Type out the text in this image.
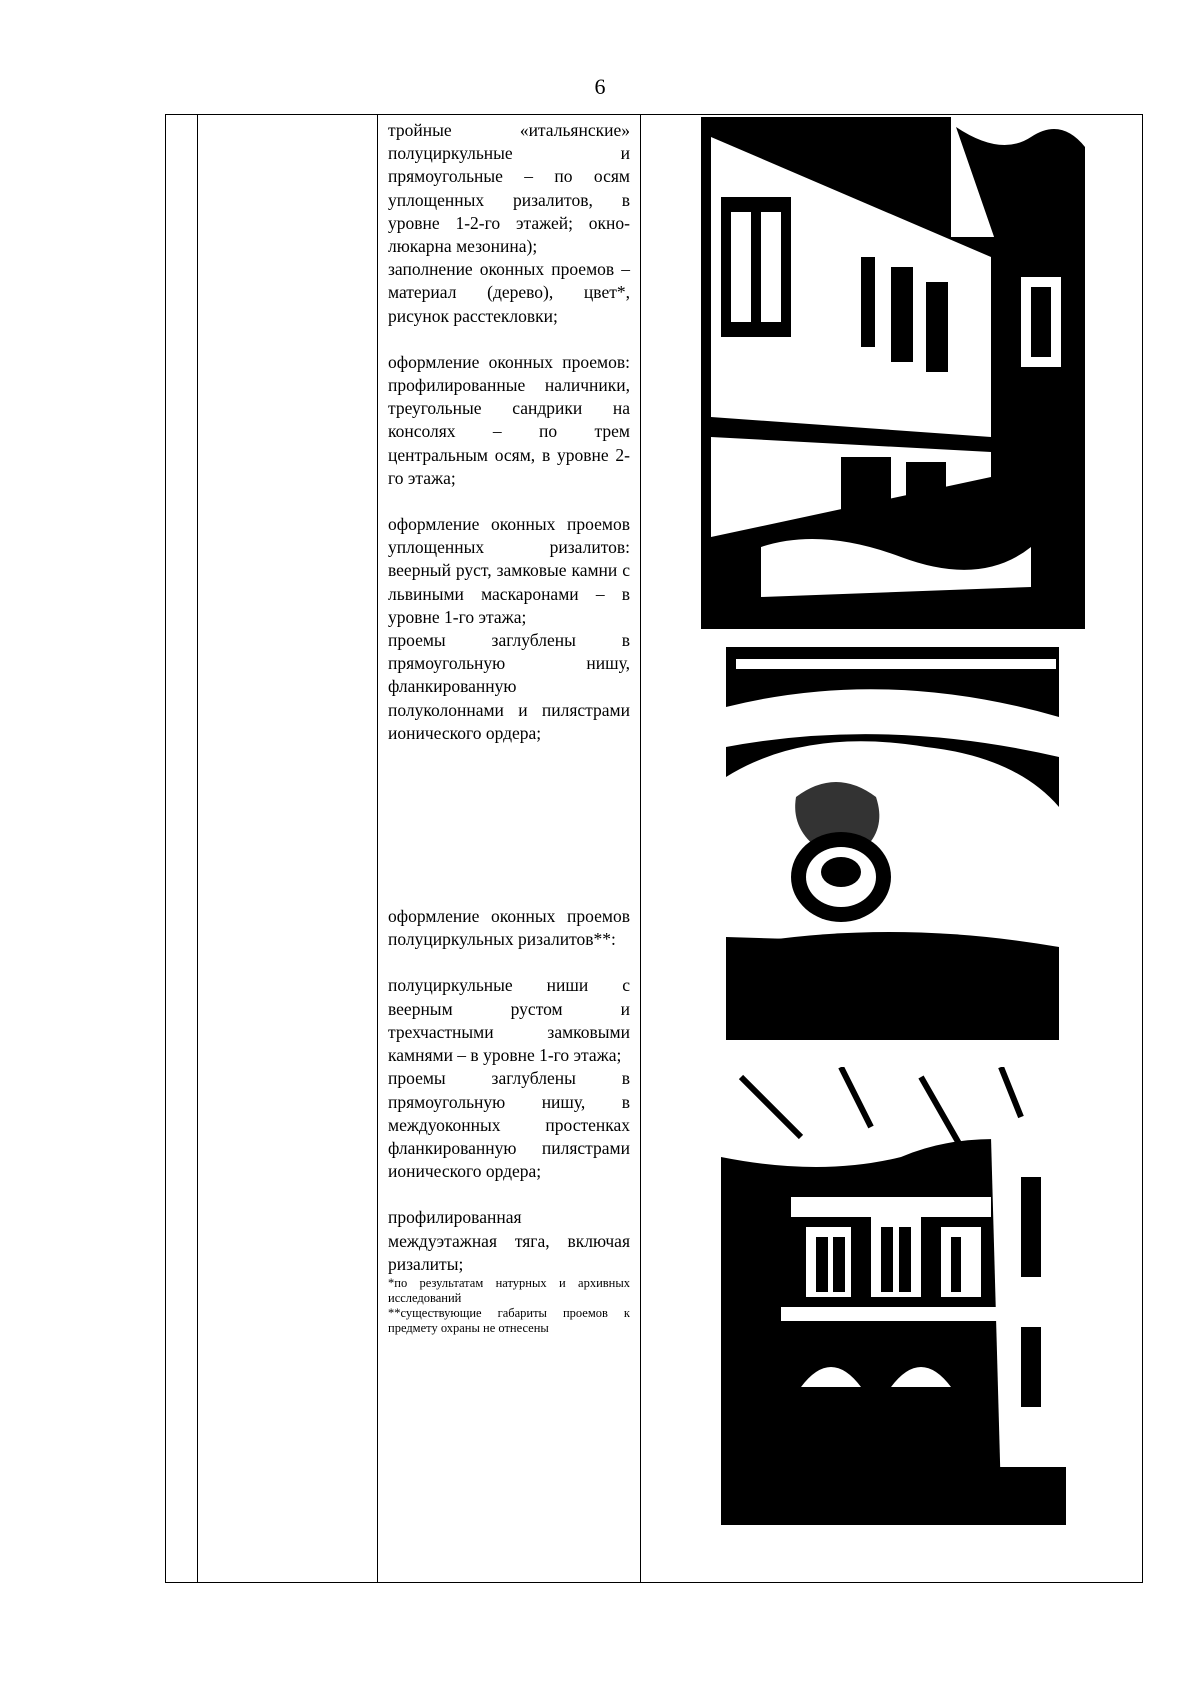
6

тройные «итальянские» полуциркульные и прямоугольные – по осям уплощенных ризалитов, в уровне 1-2-го этажей; окно-люкарна мезонина);

заполнение оконных проемов – материал (дерево), цвет*, рисунок расстекловки;

оформление оконных проемов: профилированные наличники, треугольные сандрики на консолях – по трем центральным осям, в уровне 2-го этажа;

оформление оконных проемов уплощенных ризалитов: веерный руст, замковые камни с львиными маскаронами – в уровне 1-го этажа;

проемы заглублены в прямоугольную нишу, фланкированную полуколоннами и пилястрами ионического ордера;

оформление оконных проемов полуциркульных ризалитов**:

полуциркульные ниши с веерным рустом и трехчастными замковыми камнями – в уровне 1-го этажа;

проемы заглублены в прямоугольную нишу, в междуоконных простенках фланкированную пилястрами ионического ордера;

профилированная междуэтажная тяга, включая ризалиты;

*по результатам натурных и архивных исследований

**существующие габариты проемов к предмету охраны не отнесены
